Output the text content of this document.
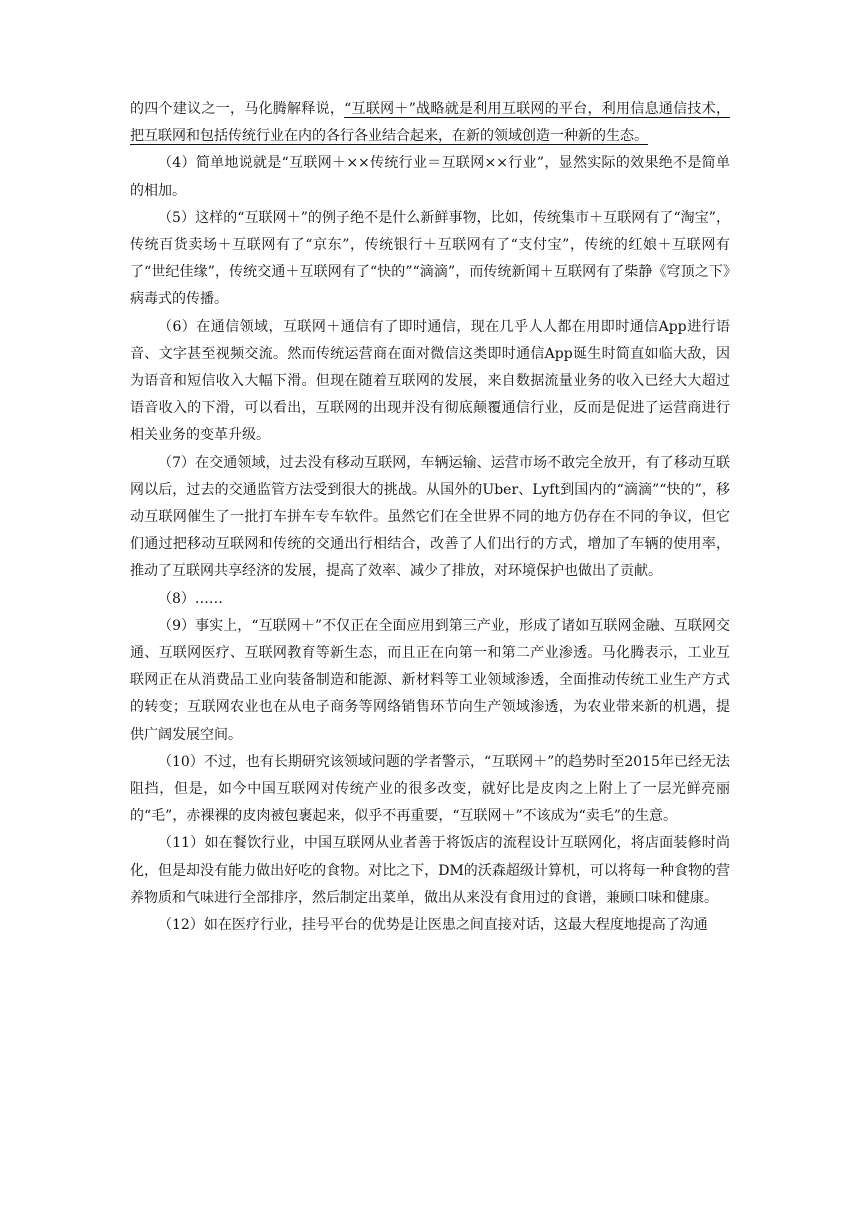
的四个建议之一，马化腾解释说，“互联网＋”战略就是利用互联网的平台，利用信息通信技术，把互联网和包括传统行业在内的各行各业结合起来，在新的领域创造一种新的生态。

（4）简单地说就是“互联网＋××传统行业＝互联网××行业”，显然实际的效果绝不是简单的相加。

（5）这样的“互联网＋”的例子绝不是什么新鲜事物，比如，传统集市＋互联网有了“淘宝”，传统百货卖场＋互联网有了“京东”，传统银行＋互联网有了“支付宝”，传统的红娘＋互联网有了“世纪佳缘”，传统交通＋互联网有了“快的”“滴滴”，而传统新闻＋互联网有了柴静《穹顶之下》病毒式的传播。

（6）在通信领域，互联网＋通信有了即时通信，现在几乎人人都在用即时通信App进行语音、文字甚至视频交流。然而传统运营商在面对微信这类即时通信App诞生时简直如临大敌，因为语音和短信收入大幅下滑。但现在随着互联网的发展，来自数据流量业务的收入已经大大超过语音收入的下滑，可以看出，互联网的出现并没有彻底颠覆通信行业，反而是促进了运营商进行相关业务的变革升级。

（7）在交通领域，过去没有移动互联网，车辆运输、运营市场不敢完全放开，有了移动互联网以后，过去的交通监管方法受到很大的挑战。从国外的Uber、Lyft到国内的“滴滴”“快的”，移动互联网催生了一批打车拼车专车软件。虽然它们在全世界不同的地方仍存在不同的争议，但它们通过把移动互联网和传统的交通出行相结合，改善了人们出行的方式，增加了车辆的使用率，推动了互联网共享经济的发展，提高了效率、减少了排放，对环境保护也做出了贡献。

（8）……

（9）事实上，“互联网＋”不仅正在全面应用到第三产业，形成了诸如互联网金融、互联网交通、互联网医疗、互联网教育等新生态，而且正在向第一和第二产业渗透。马化腾表示，工业互联网正在从消费品工业向装备制造和能源、新材料等工业领域渗透，全面推动传统工业生产方式的转变；互联网农业也在从电子商务等网络销售环节向生产领域渗透，为农业带来新的机遇，提供广阔发展空间。

（10）不过，也有长期研究该领域问题的学者警示，“互联网＋”的趋势时至2015年已经无法阻挡，但是，如今中国互联网对传统产业的很多改变，就好比是皮肉之上附上了一层光鲜亮丽的“毛”，赤裸裸的皮肉被包裹起来，似乎不再重要，“互联网＋”不该成为“卖毛”的生意。

（11）如在餐饮行业，中国互联网从业者善于将饭店的流程设计互联网化，将店面装修时尚化，但是却没有能力做出好吃的食物。对比之下，DM的沃森超级计算机，可以将每一种食物的营养物质和气味进行全部排序，然后制定出菜单，做出从来没有食用过的食谱，兼顾口味和健康。

（12）如在医疗行业，挂号平台的优势是让医患之间直接对话，这最大程度地提高了沟通
